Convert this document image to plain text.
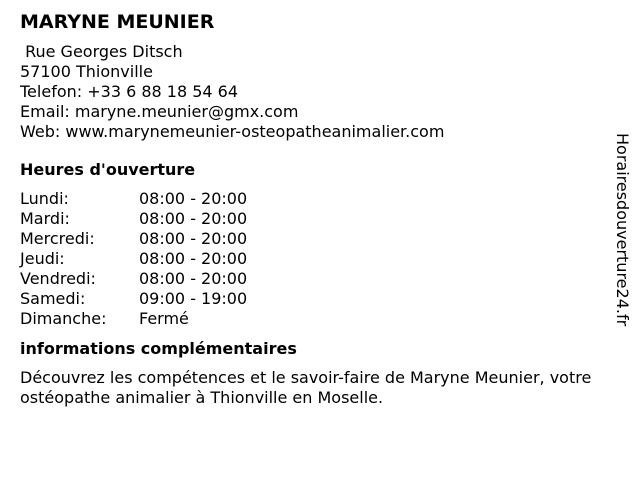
MARYNE MEUNIER
Rue Georges Ditsch
57100 Thionville
Telefon: +33 6 88 18 54 64
Email: maryne.meunier@gmx.com
Web: www.marynemeunier-osteopatheanimalier.com
Heures d'ouverture
Lundi:	08:00 - 20:00
Mardi:	08:00 - 20:00
Mercredi:	08:00 - 20:00
Jeudi:	08:00 - 20:00
Vendredi:	08:00 - 20:00
Samedi:	09:00 - 19:00
Dimanche:	Fermé
informations complémentaires
Découvrez les compétences et le savoir-faire de Maryne Meunier, votre ostéopathe animalier à Thionville en Moselle.
Horairesdouverture24.fr
